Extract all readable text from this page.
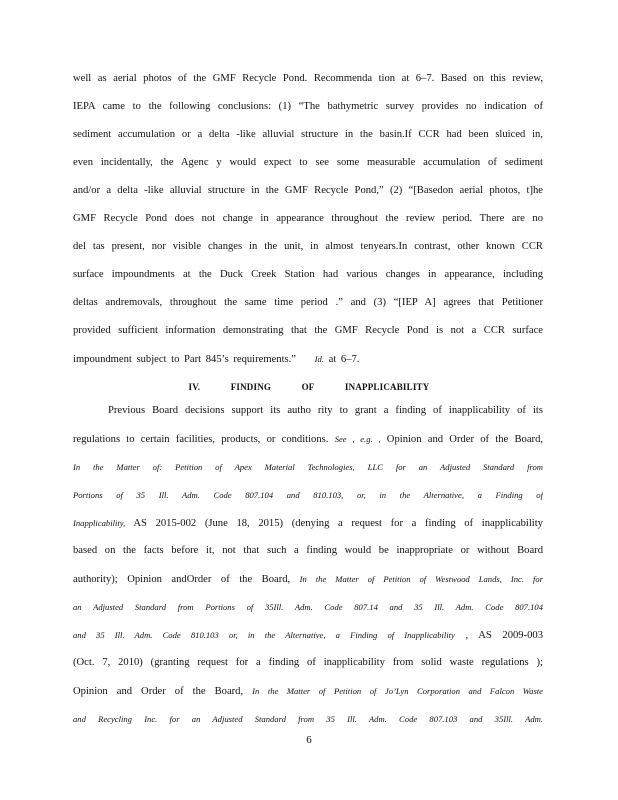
well as aerial photos of the GMF Recycle Pond. Recommenda tion at 6–7. Based on this review,
IEPA came to the following conclusions: (1) “The bathymetric survey provides no indication of
sediment accumulation or a delta -like alluvial structure in the basin.If CCR had been sluiced in,
even incidentally, the Agenc y would expect to see some measurable accumulation of sediment
and/or a delta -like alluvial structure in the GMF Recycle Pond,” (2) “[Basedon aerial photos, t]he
GMF Recycle Pond does not change in appearance throughout the review period. There are no
del tas present, nor visible changes in the unit, in almost tenyears.In contrast, other known CCR
surface impoundments at the Duck Creek Station had various changes in appearance, including
deltas andremovals, throughout the same time period .” and (3) “[IEP A] agrees that Petitioner
provided sufficient information demonstrating that the GMF Recycle Pond is not a CCR surface
impoundment subject to Part 845’s requirements.” Id. at 6–7.
IV.	FINDING	OF	INAPPLICABILITY
Previous Board decisions support its autho rity to grant a finding of inapplicability of its
regulations to certain facilities, products, or conditions. See , e.g. , Opinion and Order of the Board,
In the Matter of: Petition of Apex Material Technologies, LLC for an Adjusted Standard from
Portions of 35 Ill. Adm. Code 807.104 and 810.103, or, in the Alternative, a Finding of
Inapplicability, AS 2015-002 (June 18, 2015) (denying a request for a finding of inapplicability
based on the facts before it, not that such a finding would be inappropriate or without Board
authority); Opinion andOrder of the Board, In the Matter of Petition of Westwood Lands, Inc. for
an Adjusted Standard from Portions of 35Ill. Adm. Code 807.14 and 35 Ill. Adm. Code 807.104
and 35 Ill. Adm. Code 810.103 or, in the Alternative, a Finding of Inapplicability , AS 2009-003
(Oct. 7, 2010) (granting request for a finding of inapplicability from solid waste regulations );
Opinion and Order of the Board, In the Matter of Petition of Jo’Lyn Corporation and Falcon Waste
and Recycling Inc. for an Adjusted Standard from 35 Ill. Adm. Code 807.103 and 35Ill. Adm.
6
